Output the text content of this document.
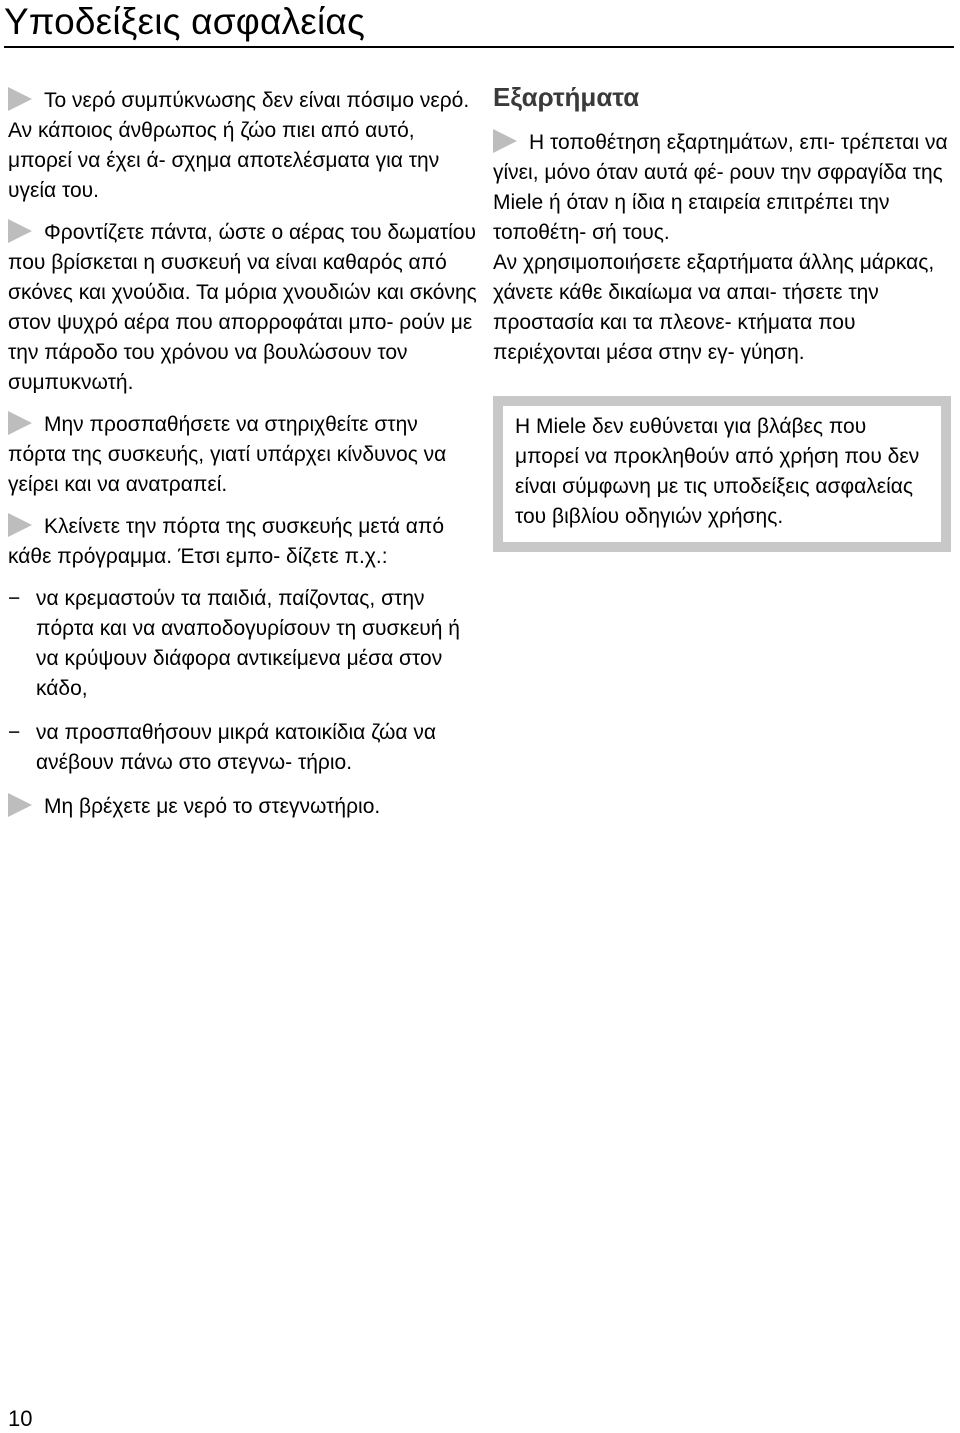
Υποδείξεις ασφαλείας

Το νερό συμπύκνωσης δεν είναι πόσιμο νερό. Αν κάποιος άνθρωπος ή ζώο πιει από αυτό, μπορεί να έχει ά- σχημα αποτελέσματα για την υγεία του.

Φροντίζετε πάντα, ώστε ο αέρας του δωματίου που βρίσκεται η συσκευή να είναι καθαρός από σκόνες και χνούδια. Τα μόρια χνουδιών και σκόνης στον ψυχρό αέρα που απορροφάται μπο- ρούν με την πάροδο του χρόνου να βουλώσουν τον συμπυκνωτή.

Μην προσπαθήσετε να στηριχθείτε στην πόρτα της συσκευής, γιατί υπάρχει κίνδυνος να γείρει και να ανατραπεί.

Κλείνετε την πόρτα της συσκευής μετά από κάθε πρόγραμμα. Έτσι εμπο- δίζετε π.χ.:

− να κρεμαστούν τα παιδιά, παίζοντας, στην πόρτα και να αναποδογυρίσουν τη συσκευή ή να κρύψουν διάφορα αντικείμενα μέσα στον κάδο,
− να προσπαθήσουν μικρά κατοικίδια ζώα να ανέβουν πάνω στο στεγνω- τήριο.

Μη βρέχετε με νερό το στεγνωτήριο.

Εξαρτήματα

Η τοποθέτηση εξαρτημάτων, επι- τρέπεται να γίνει, μόνο όταν αυτά φέ- ρουν την σφραγίδα της Miele ή όταν η ίδια η εταιρεία επιτρέπει την τοποθέτη- σή τους.

Αν χρησιμοποιήσετε εξαρτήματα άλλης μάρκας, χάνετε κάθε δικαίωμα να απαι- τήσετε την προστασία και τα πλεονε- κτήματα που περιέχονται μέσα στην εγ- γύηση.

Η Miele δεν ευθύνεται για βλάβες που μπορεί να προκληθούν από χρήση που δεν είναι σύμφωνη με τις υποδείξεις ασφαλείας του βιβλίου οδηγιών χρήσης.

10
